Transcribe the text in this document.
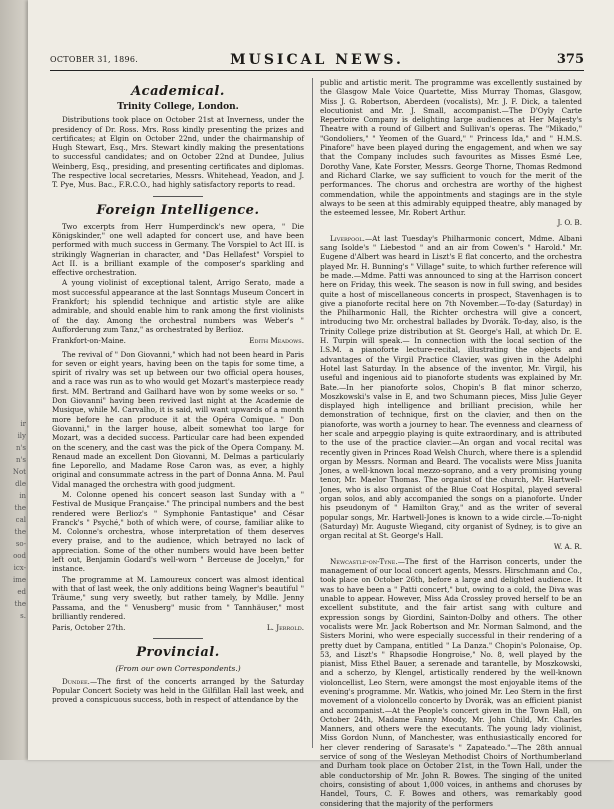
ir
ily
n's
n's
Not
dle
in
the
cal
the
so-
ood
icx-
ime
ed
the
s.
OCTOBER 31, 1896.	MUSICAL NEWS.	375
Academical.
Trinity College, London.

Distributions took place on October 21st at Inverness, under the presidency of Dr. Ross. Mrs. Ross kindly presenting the prizes and certificates; at Elgin on October 22nd, under the chairmanship of Hugh Stewart, Esq., Mrs. Stewart kindly making the presentations to successful candidates; and on October 22nd at Dundee, Julius Weinberg, Esq., presiding, and presenting certificates and diplomas. The respective local secretaries, Messrs. Whitehead, Yeadon, and J. T. Pye, Mus. Bac., F.R.C.O., had highly satisfactory reports to read.

Foreign Intelligence.

Two excerpts from Herr Humperdinck's new opera, " Die Königskinder," one well adapted for concert use, and have been performed with much success in Germany. The Vorspiel to Act III. is strikingly Wagnerian in character, and "Das Hellafest" Vorspiel to Act II. is a brilliant example of the composer's sparkling and effective orchestration.

A young violinist of exceptional talent, Arrigo Serato, made a most successful appearance at the last Sonntags Museum Concert in Frankfort; his splendid technique and artistic style are alike admirable, and should enable him to rank among the first violinists of the day. Among the orchestral numbers was Weber's " Aufforderung zum Tanz," as orchestrated by Berlioz.

Frankfort-on-Maine.	Edith Meadows.

The revival of " Don Giovanni," which had not been heard in Paris for seven or eight years, having been on the tapis for some time, a spirit of rivalry was set up between our two official opera houses, and a race was run as to who would get Mozart's masterpiece ready first. MM. Bertrand and Gailhard have won by some weeks or so. " Don Giovanni" having been revived last night at the Academie de Musique, while M. Carvalho, it is said, will want upwards of a month more before he can produce it at the Opéra Comique. " Don Giovanni," in the larger house, albeit somewhat too large for Mozart, was a decided success. Particular care had been expended on the scenery, and the cast was the pick of the Opera Company. M. Renaud made an excellent Don Giovanni, M. Delmas a particularly fine Leporello, and Madame Rose Caron was, as ever, a highly original and consummate actress in the part of Donna Anna. M. Paul Vidal managed the orchestra with good judgment.

M. Colonne opened his concert season last Sunday with a " Festival de Musique Française." The principal numbers and the best rendered were Berlioz's " Symphonie Fantastique" and César Franck's " Psyché," both of which were, of course, familiar alike to M. Colonne's orchestra, whose interpretation of them deserves every praise, and to the audience, which betrayed no lack of appreciation. Some of the other numbers would have been better left out, Benjamin Godard's well-worn " Berceuse de Jocelyn," for instance.

The programme at M. Lamoureux concert was almost identical with that of last week, the only additions being Wagner's beautiful " Träume," sung very sweetly, but rather tamely, by Mdlle. Jenny Passama, and the " Venusberg" music from " Tannhäuser," most brilliantly rendered.

Paris, October 27th.	L. Jerrold.
Provincial.
(From our own Correspondents.)

Dundee.—The first of the concerts arranged by the Saturday Popular Concert Society was held in the Gilfillan Hall last week, and proved a conspicuous success, both in respect of attendance by the

public and artistic merit. The programme was excellently sustained by the Glasgow Male Voice Quartette, Miss Murray Thomas, Glasgow, Miss J. G. Robertson, Aberdeen (vocalists), Mr. J. F. Dick, a talented elocutionist and Mr. J. Small, accompanist.—The D'Oyly Carte Repertoire Company is delighting large audiences at Her Majesty's Theatre with a round of Gilbert and Sullivan's operas. The "Mikado," "Gondoliers," " Yeomen of the Guard," " Princess Ida," and " H.M.S. Pinafore" have been played during the engagement, and when we say that the Company includes such favourites as Misses Esmé Lee, Dorothy Vane, Kate Forster, Messrs. George Thorne, Thomas Redmond and Richard Clarke, we say sufficient to vouch for the merit of the performances. The chorus and orchestra are worthy of the highest commendation, while the appointments and stagings are in the style always to be seen at this admirably equipped theatre, ably managed by the esteemed lessee, Mr. Robert Arthur.

J. O. B.

Liverpool.—At last Tuesday's Philharmonic concert, Mdme. Albani sang Isolde's " Liebestod " and an air from Cowen's " Harold." Mr. Eugene d'Albert was heard in Liszt's E flat concerto, and the orchestra played Mr. H. Bunning's " Village" suite, to which further reference will be made.—Mdme. Patti was announced to sing at the Harrison concert here on Friday, this week. The season is now in full swing, and besides quite a host of miscellaneous concerts in prospect, Stavenhagen is to give a pianoforte recital here on 7th November.—To-day (Saturday) in the Philharmonic Hall, the Richter orchestra will give a concert, introducing two Mr. orchestral ballades by Dvorák. To-day, also, is the Trinity College prize distribution at St. George's Hall, at which Dr. E. H. Turpin will speak.— In connection with the local section of the I.S.M. a pianoforte lecture-recital, illustrating the objects and advantages of the Virgil Practice Clavier, was given in the Adelphi Hotel last Saturday. In the absence of the inventor, Mr. Virgil, his useful and ingenious aid to pianoforte students was explained by Mr. Bate.—In her pianoforte solos, Chopin's B flat minor scherzo, Moszkowski's valse in E, and two Schumann pieces, Miss Julie Geyer displayed high intelligence and brilliant precision, while her demonstration of technique, first on the clavier, and then on the pianoforte, was worth a journey to hear. The evenness and clearness of her scale and arpeggio playing is quite extraordinary, and is attributed to the use of the practice clavier.—An organ and vocal recital was recently given in Princes Road Welsh Church, where there is a splendid organ by Messrs. Norman and Beard. The vocalists were Miss Juanita Jones, a well-known local mezzo-soprano, and a very promising young tenor, Mr. Maelor Thomas. The organist of the church, Mr. Hartwell-Jones, who is also organist of the Blue Coat Hospital, played several organ solos, and ably accompanied the songs on a pianoforte. Under his pseudonym of " Hamilton Gray," and as the writer of several popular songs, Mr. Hartwell-Jones is known to a wide circle.—To-night (Saturday) Mr. Auguste Wiegand, city organist of Sydney, is to give an organ recital at St. George's Hall.

W. A. R.

Newcastle-on-Tyne.—The first of the Harrison concerts, under the management of our local concert agents, Messrs. Hirschmann and Co., took place on October 26th, before a large and delighted audience. It was to have been a " Patti concert," but, owing to a cold, the Diva was unable to appear. However, Miss Ada Crossley proved herself to be an excellent substitute, and the fair artist sang with culture and expression songs by Giordini, Sainton-Dolby and others. The other vocalists were Mr. Jack Robertson and Mr. Norman Salmond, and the Sisters Morini, who were especially successful in their rendering of a pretty duet by Campana, entitled " La Danza." Chopin's Polonaise, Op. 53, and Liszt's " Rhapsodie Hongroise," No. 8, well played by the pianist, Miss Ethel Bauer, a serenade and tarantelle, by Moszkowski, and a scherzo, by Klengel, artistically rendered by the well-known violoncellist, Leo Stern, were amongst the most enjoyable items of the evening's programme. Mr. Watkis, who joined Mr. Leo Stern in the first movement of a violoncello concerto by Dvorák, was an efficient pianist and accompanist.—At the People's concert given in the Town Hall, on October 24th, Madame Fanny Moody, Mr. John Child, Mr. Charles Manners, and others were the executants. The young lady violinist, Miss Gordon Nunn, of Manchester, was enthusiastically encored for her clever rendering of Sarasate's " Zapateado."—The 28th annual service of song of the Wesleyan Methodist Choirs of Northumberland and Durham took place on October 21st, in the Town Hall, under the able conductorship of Mr. John R. Bowes. The singing of the united choirs, consisting of about 1,000 voices, in anthems and choruses by Handel, Tours, C. F. Bowes and others, was remarkably good considering that the majority of the performers
